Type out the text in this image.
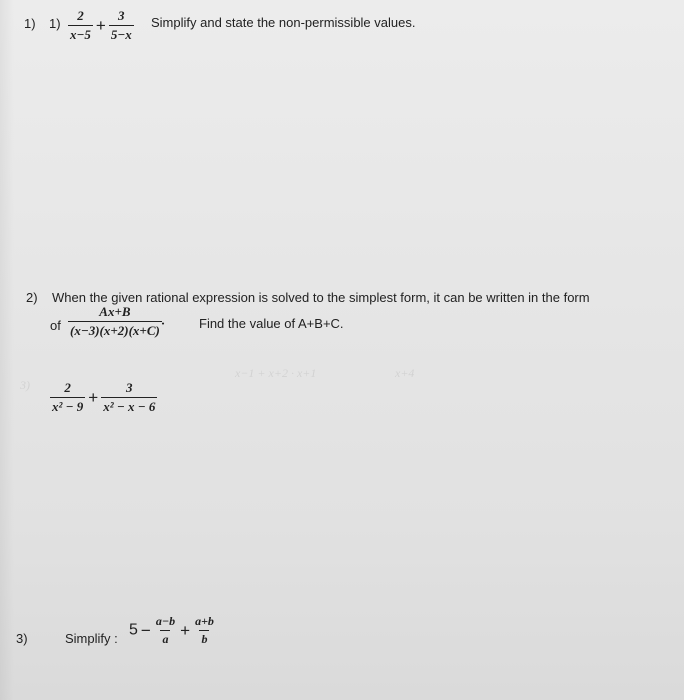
3)
x−1 + x+2 · x+1	x+4
1) $1) \frac{2}{x-5} + \frac{3}{5-x}$ Simplify and state the non-permissible values.
2) When the given rational expression is solved to the simplest form, it can be written in the form
of $\frac{Ax+B}{(x-3)(x+2)(x+C)}$ .	Find the value of A+B+C.
$\frac{2}{\text{x² − 9}} + \frac{3}{\text{x² − x − 6}}$
3)	Simplify : $5 - \frac{a-b}{a} + \frac{a+b}{b}$
